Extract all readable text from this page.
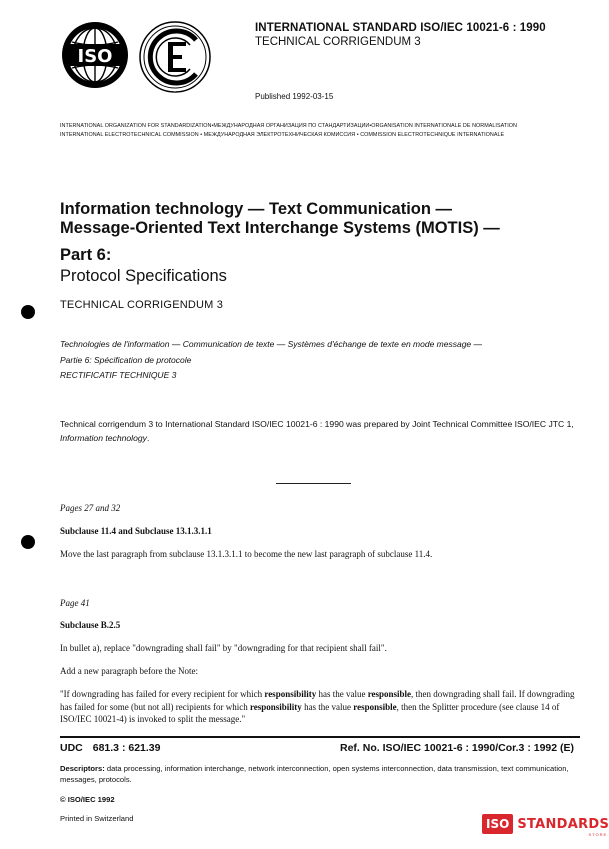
ISO
IEC
INTERNATIONAL STANDARD ISO/IEC 10021-6 : 1990
TECHNICAL CORRIGENDUM 3
Published 1992-03-15
INTERNATIONAL ORGANIZATION FOR STANDARDIZATION•МЕЖДУНАРОДНАЯ ОРГАНИЗАЦИЯ ПО СТАНДАРТИЗАЦИИ•ORGANISATION INTERNATIONALE DE NORMALISATION
INTERNATIONAL ELECTROTECHNICAL COMMISSION • МЕЖДУНАРОДНАЯ ЭЛЕКТРОТЕХНИЧЕСКАЯ КОМИССИЯ • COMMISSION ELECTROTECHNIQUE INTERNATIONALE
Information technology — Text Communication —
Message-Oriented Text Interchange Systems (MOTIS) —
Part 6:
Protocol Specifications
TECHNICAL CORRIGENDUM 3
Technologies de l'information — Communication de texte — Systèmes d'échange de texte en mode message —
Partie 6: Spécification de protocole
RECTIFICATIF TECHNIQUE 3
Technical corrigendum 3 to International Standard ISO/IEC 10021-6 : 1990 was prepared by Joint Technical Committee ISO/IEC JTC 1, Information technology.
Pages 27 and 32
Subclause 11.4 and Subclause 13.1.3.1.1
Move the last paragraph from subclause 13.1.3.1.1 to become the new last paragraph of subclause 11.4.
Page 41
Subclause B.2.5
In bullet a), replace "downgrading shall fail" by "downgrading for that recipient shall fail".
Add a new paragraph before the Note:
"If downgrading has failed for every recipient for which responsibility has the value responsible, then downgrading shall fail. If downgrading has failed for some (but not all) recipients for which responsibility has the value responsible, then the Splitter procedure (see clause 14 of ISO/IEC 10021-4) is invoked to split the message."
UDC 681.3 : 621.39	Ref. No. ISO/IEC 10021-6 : 1990/Cor.3 : 1992 (E)
Descriptors: data processing, information interchange, network interconnection, open systems interconnection, data transmission, text communication, messages, protocols.
© ISO/IEC 1992
Printed in Switzerland	ISO STANDARDS
STORE
